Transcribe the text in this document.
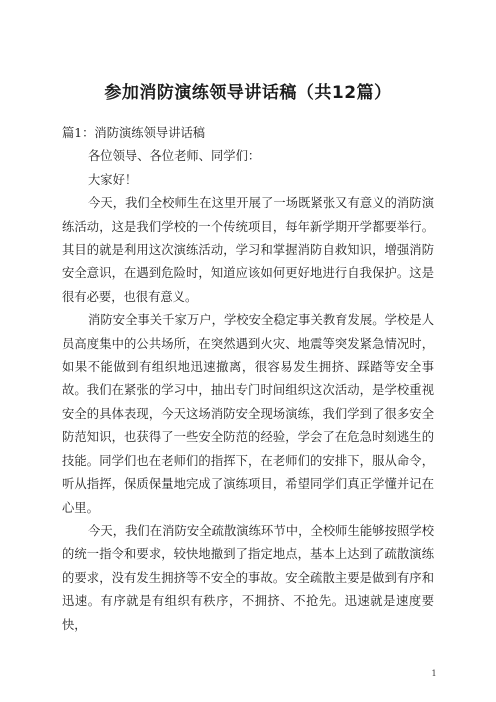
参加消防演练领导讲话稿（共12篇）

篇1：消防演练领导讲话稿

各位领导、各位老师、同学们：

大家好！

今天，我们全校师生在这里开展了一场既紧张又有意义的消防演练活动，这是我们学校的一个传统项目，每年新学期开学都要举行。其目的就是利用这次演练活动，学习和掌握消防自救知识，增强消防安全意识，在遇到危险时，知道应该如何更好地进行自我保护。这是很有必要，也很有意义。

消防安全事关千家万户，学校安全稳定事关教育发展。学校是人员高度集中的公共场所，在突然遇到火灾、地震等突发紧急情况时，如果不能做到有组织地迅速撤离，很容易发生拥挤、踩踏等安全事故。我们在紧张的学习中，抽出专门时间组织这次活动，是学校重视安全的具体表现，今天这场消防安全现场演练，我们学到了很多安全防范知识，也获得了一些安全防范的经验，学会了在危急时刻逃生的技能。同学们也在老师们的指挥下，在老师们的安排下，服从命令，听从指挥，保质保量地完成了演练项目，希望同学们真正学懂并记在心里。

今天，我们在消防安全疏散演练环节中，全校师生能够按照学校的统一指令和要求，较快地撤到了指定地点，基本上达到了疏散演练的要求，没有发生拥挤等不安全的事故。安全疏散主要是做到有序和迅速。有序就是有组织有秩序，不拥挤、不抢先。迅速就是速度要快，

1
